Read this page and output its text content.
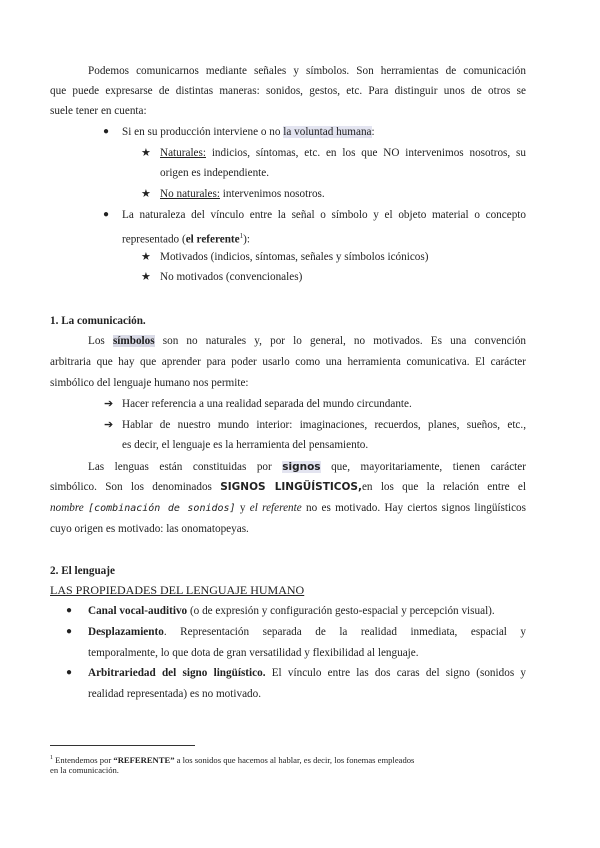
Podemos comunicarnos mediante señales y símbolos. Son herramientas de comunicación
que puede expresarse de distintas maneras: sonidos, gestos, etc. Para distinguir unos de otros se
suele tener en cuenta:
● Si en su producción interviene o no la voluntad humana:
★ Naturales: indicios, síntomas, etc. en los que NO intervenimos nosotros, su
origen es independiente.
★ No naturales: intervenimos nosotros.
● La naturaleza del vínculo entre la señal o símbolo y el objeto material o concepto
representado (el referente$^1$):
★ Motivados (indicios, síntomas, señales y símbolos icónicos)
★ No motivados (convencionales)
1. La comunicación.
Los símbolos son no naturales y, por lo general, no motivados. Es una convención
arbitraria que hay que aprender para poder usarlo como una herramienta comunicativa. El carácter
simbólico del lenguaje humano nos permite:
➔ Hacer referencia a una realidad separada del mundo circundante.
➔ Hablar de nuestro mundo interior: imaginaciones, recuerdos, planes, sueños, etc.,
es decir, el lenguaje es la herramienta del pensamiento.
Las lenguas están constituidas por signos que, mayoritariamente, tienen carácter
simbólico. Son los denominados SIGNOS LINGÜÍSTICOS,en los que la relación entre el
nombre [combinación de sonidos] y el referente no es motivado. Hay ciertos signos lingüísticos
cuyo origen es motivado: las onomatopeyas.
2. El lenguaje
LAS PROPIEDADES DEL LENGUAJE HUMANO
● Canal vocal-auditivo (o de expresión y configuración gesto-espacial y percepción visual).
● Desplazamiento. Representación separada de la realidad inmediata, espacial y
temporalmente, lo que dota de gran versatilidad y flexibilidad al lenguaje.
● Arbitrariedad del signo lingüístico. El vínculo entre las dos caras del signo (sonidos y
realidad representada) es no motivado.
$^1$ Entendemos por “REFERENTE” a los sonidos que hacemos al hablar, es decir, los fonemas empleados
en la comunicación.
